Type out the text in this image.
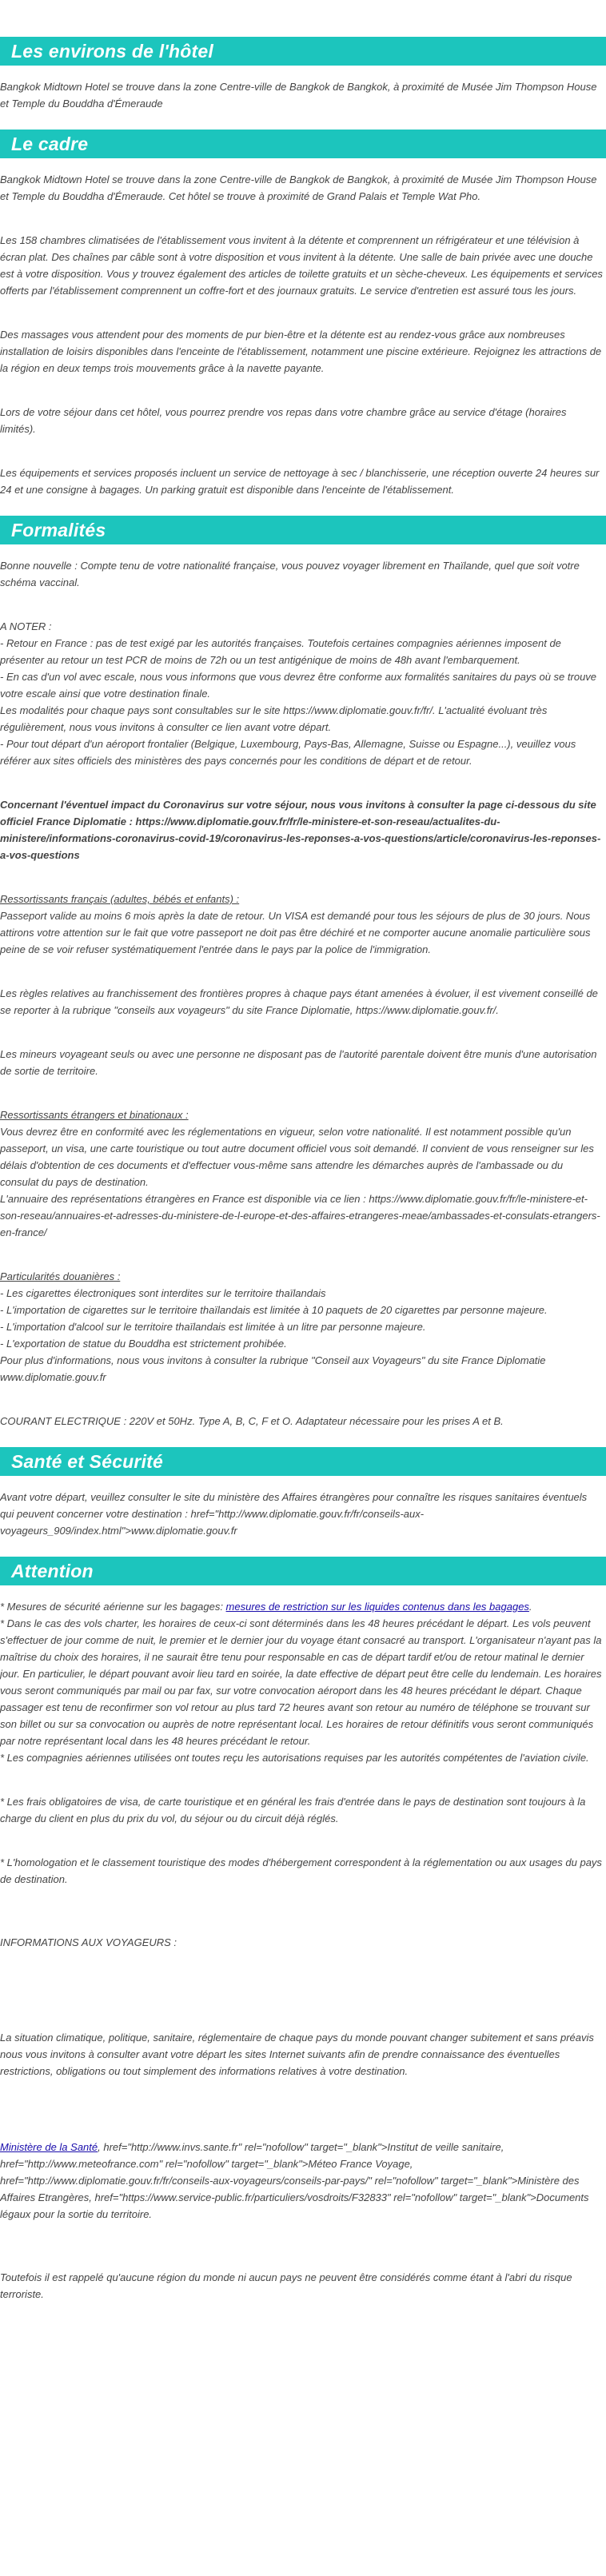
Les environs de l'hôtel

Bangkok Midtown Hotel se trouve dans la zone Centre-ville de Bangkok de Bangkok, à proximité de Musée Jim Thompson House et Temple du Bouddha d'Émeraude

Le cadre

Bangkok Midtown Hotel se trouve dans la zone Centre-ville de Bangkok de Bangkok, à proximité de Musée Jim Thompson House et Temple du Bouddha d'Émeraude. Cet hôtel se trouve à proximité de Grand Palais et Temple Wat Pho.

Les 158 chambres climatisées de l'établissement vous invitent à la détente et comprennent un réfrigérateur et une télévision à écran plat. Des chaînes par câble sont à votre disposition et vous invitent à la détente. Une salle de bain privée avec une douche est à votre disposition. Vous y trouvez également des articles de toilette gratuits et un sèche-cheveux. Les équipements et services offerts par l'établissement comprennent un coffre-fort et des journaux gratuits. Le service d'entretien est assuré tous les jours.

Des massages vous attendent pour des moments de pur bien-être et la détente est au rendez-vous grâce aux nombreuses installation de loisirs disponibles dans l'enceinte de l'établissement, notamment une piscine extérieure. Rejoignez les attractions de la région en deux temps trois mouvements grâce à la navette payante.

Lors de votre séjour dans cet hôtel, vous pourrez prendre vos repas dans votre chambre grâce au service d'étage (horaires limités).

Les équipements et services proposés incluent un service de nettoyage à sec / blanchisserie, une réception ouverte 24 heures sur 24 et une consigne à bagages. Un parking gratuit est disponible dans l'enceinte de l'établissement.

Formalités

Bonne nouvelle : Compte tenu de votre nationalité française, vous pouvez voyager librement en Thaïlande, quel que soit votre schéma vaccinal.

A NOTER :
- Retour en France : pas de test exigé par les autorités françaises. Toutefois certaines compagnies aériennes imposent de présenter au retour un test PCR de moins de 72h ou un test antigénique de moins de 48h avant l'embarquement.
- En cas d'un vol avec escale, nous vous informons que vous devrez être conforme aux formalités sanitaires du pays où se trouve votre escale ainsi que votre destination finale.
Les modalités pour chaque pays sont consultables sur le site https://www.diplomatie.gouv.fr/fr/. L'actualité évoluant très régulièrement, nous vous invitons à consulter ce lien avant votre départ.
- Pour tout départ d'un aéroport frontalier (Belgique, Luxembourg, Pays-Bas, Allemagne, Suisse ou Espagne...), veuillez vous référer aux sites officiels des ministères des pays concernés pour les conditions de départ et de retour.

Concernant l'éventuel impact du Coronavirus sur votre séjour, nous vous invitons à consulter la page ci-dessous du site officiel France Diplomatie : https://www.diplomatie.gouv.fr/fr/le-ministere-et-son-reseau/actualites-du-ministere/informations-coronavirus-covid-19/coronavirus-les-reponses-a-vos-questions/article/coronavirus-les-reponses-a-vos-questions

Ressortissants français (adultes, bébés et enfants) :
Passeport valide au moins 6 mois après la date de retour. Un VISA est demandé pour tous les séjours de plus de 30 jours. Nous attirons votre attention sur le fait que votre passeport ne doit pas être déchiré et ne comporter aucune anomalie particulière sous peine de se voir refuser systématiquement l'entrée dans le pays par la police de l'immigration.

Les règles relatives au franchissement des frontières propres à chaque pays étant amenées à évoluer, il est vivement conseillé de se reporter à la rubrique "conseils aux voyageurs" du site France Diplomatie, https://www.diplomatie.gouv.fr/.

Les mineurs voyageant seuls ou avec une personne ne disposant pas de l'autorité parentale doivent être munis d'une autorisation de sortie de territoire.

Ressortissants étrangers et binationaux :
Vous devrez être en conformité avec les réglementations en vigueur, selon votre nationalité. Il est notamment possible qu'un passeport, un visa, une carte touristique ou tout autre document officiel vous soit demandé. Il convient de vous renseigner sur les délais d'obtention de ces documents et d'effectuer vous-même sans attendre les démarches auprès de l'ambassade ou du consulat du pays de destination.
L'annuaire des représentations étrangères en France est disponible via ce lien : https://www.diplomatie.gouv.fr/fr/le-ministere-et-son-reseau/annuaires-et-adresses-du-ministere-de-l-europe-et-des-affaires-etrangeres-meae/ambassades-et-consulats-etrangers-en-france/
Particularités douanières :
- Les cigarettes électroniques sont interdites sur le territoire thaïlandais
- L'importation de cigarettes sur le territoire thaïlandais est limitée à 10 paquets de 20 cigarettes par personne majeure.
- L'importation d'alcool sur le territoire thaïlandais est limitée à un litre par personne majeure.
- L'exportation de statue du Bouddha est strictement prohibée.
Pour plus d'informations, nous vous invitons à consulter la rubrique "Conseil aux Voyageurs" du site France Diplomatie www.diplomatie.gouv.fr

COURANT ELECTRIQUE : 220V et 50Hz. Type A, B, C, F et O. Adaptateur nécessaire pour les prises A et B.

Santé et Sécurité

Avant votre départ, veuillez consulter le site du ministère des Affaires étrangères pour connaître les risques sanitaires éventuels qui peuvent concerner votre destination : href="http://www.diplomatie.gouv.fr/fr/conseils-aux-voyageurs_909/index.html">www.diplomatie.gouv.fr

Attention
* Mesures de sécurité aérienne sur les bagages: mesures de restriction sur les liquides contenus dans les bagages.
* Dans le cas des vols charter, les horaires de ceux-ci sont déterminés dans les 48 heures précédant le départ. Les vols peuvent s'effectuer de jour comme de nuit, le premier et le dernier jour du voyage étant consacré au transport. L'organisateur n'ayant pas la maîtrise du choix des horaires, il ne saurait être tenu pour responsable en cas de départ tardif et/ou de retour matinal le dernier jour. En particulier, le départ pouvant avoir lieu tard en soirée, la date effective de départ peut être celle du lendemain. Les horaires vous seront communiqués par mail ou par fax, sur votre convocation aéroport dans les 48 heures précédant le départ. Chaque passager est tenu de reconfirmer son vol retour au plus tard 72 heures avant son retour au numéro de téléphone se trouvant sur son billet ou sur sa convocation ou auprès de notre représentant local. Les horaires de retour définitifs vous seront communiqués par notre représentant local dans les 48 heures précédant le retour.
* Les compagnies aériennes utilisées ont toutes reçu les autorisations requises par les autorités compétentes de l'aviation civile.

* Les frais obligatoires de visa, de carte touristique et en général les frais d'entrée dans le pays de destination sont toujours à la charge du client en plus du prix du vol, du séjour ou du circuit déjà réglés.

* L'homologation et le classement touristique des modes d'hébergement correspondent à la réglementation ou aux usages du pays de destination.

INFORMATIONS AUX VOYAGEURS :

La situation climatique, politique, sanitaire, réglementaire de chaque pays du monde pouvant changer subitement et sans préavis
nous vous invitons à consulter avant votre départ les sites Internet suivants afin de prendre connaissance des éventuelles restrictions, obligations ou tout simplement des informations relatives à votre destination.

Ministère de la Santé, href="http://www.invs.sante.fr" rel="nofollow" target="_blank">Institut de veille sanitaire, href="http://www.meteofrance.com" rel="nofollow" target="_blank">Méteo France Voyage, href="http://www.diplomatie.gouv.fr/fr/conseils-aux-voyageurs/conseils-par-pays/" rel="nofollow" target="_blank">Ministère des Affaires Etrangères, href="https://www.service-public.fr/particuliers/vosdroits/F32833" rel="nofollow" target="_blank">Documents légaux pour la sortie du territoire.

Toutefois il est rappelé qu'aucune région du monde ni aucun pays ne peuvent être considérés comme étant à l'abri du risque terroriste.
